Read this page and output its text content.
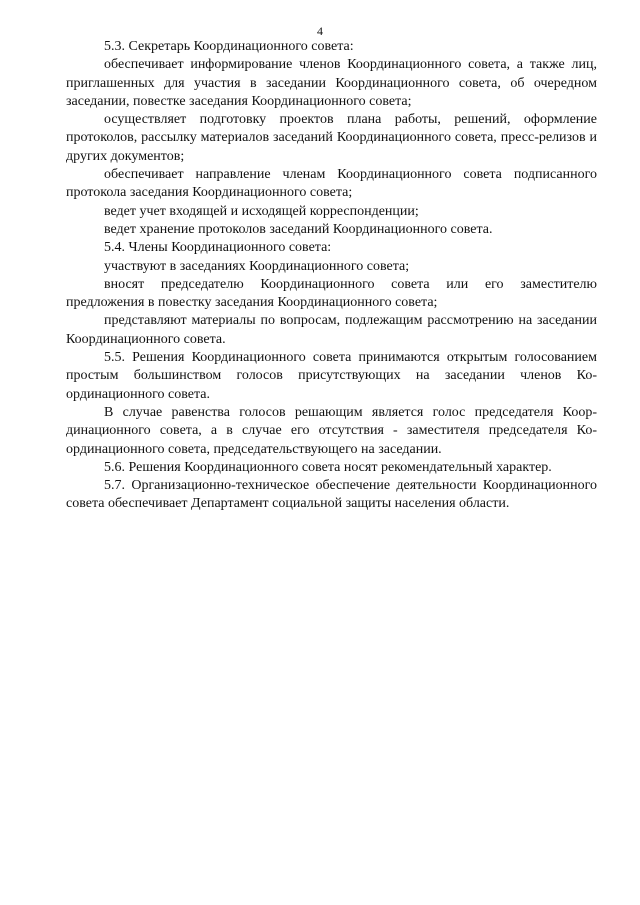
4

5.3. Секретарь Координационного совета:

обеспечивает информирование членов Координационного совета, а также лиц, приглашенных для участия в заседании Координационного совета, об очередном заседании, повестке заседания Координационного совета;

осуществляет подготовку проектов плана работы, решений, оформление протоколов, рассылку материалов заседаний Координационного совета, пресс-релизов и других документов;

обеспечивает направление членам Координационного совета подписанного протокола заседания Координационного совета;

ведет учет входящей и исходящей корреспонденции;

ведет хранение протоколов заседаний Координационного совета.

5.4. Члены Координационного совета:

участвуют в заседаниях Координационного совета;

вносят председателю Координационного совета или его заместителю предложения в повестку заседания Координационного совета;

представляют материалы по вопросам, подлежащим рассмотрению на заседании Координационного совета.

5.5. Решения Координационного совета принимаются открытым голосованием простым большинством голосов присутствующих на заседании членов Координационного совета.

В случае равенства голосов решающим является голос председателя Координационного совета, а в случае его отсутствия - заместителя председателя Координационного совета, председательствующего на заседании.

5.6. Решения Координационного совета носят рекомендательный характер.

5.7. Организационно-техническое обеспечение деятельности Координационного совета обеспечивает Департамент социальной защиты населения области.
